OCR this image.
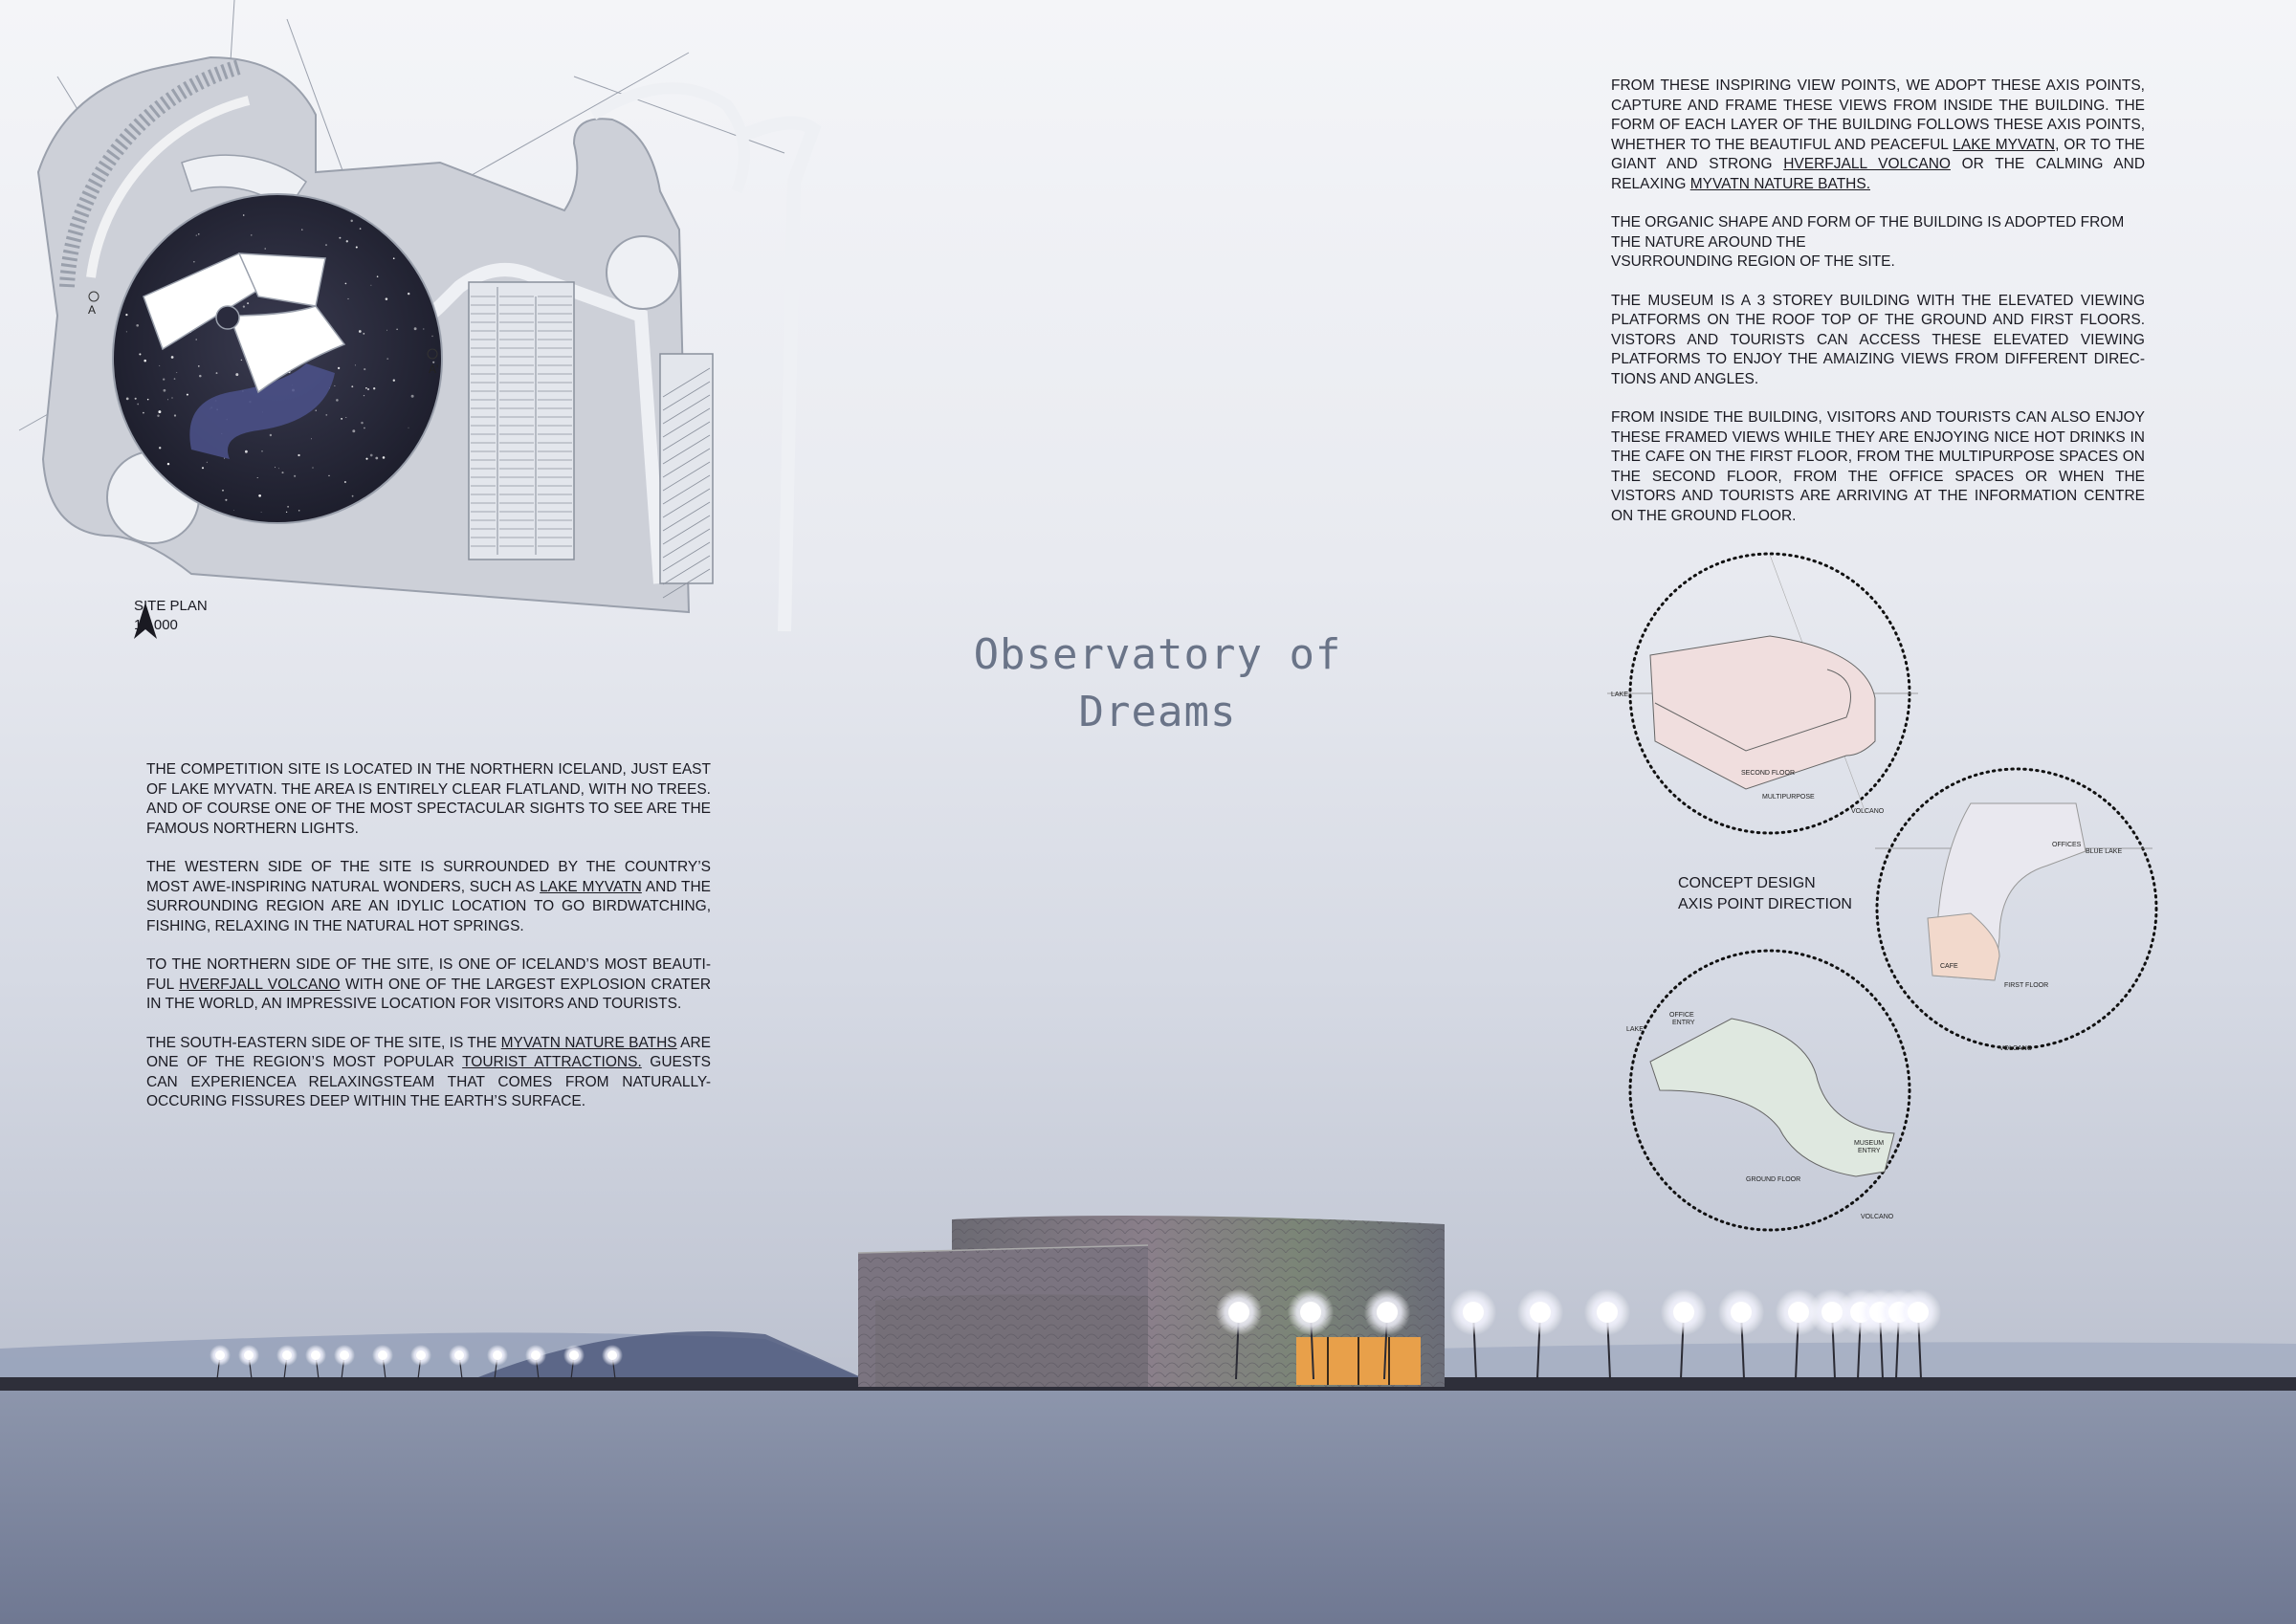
A
A'
SITE PLAN
1:1000
Observatory of
Dreams

FROM THESE INSPIRING VIEW POINTS, WE ADOPT THESE AXIS POINTS, CAPTURE AND FRAME THESE VIEWS FROM INSIDE THE BUILDING. THE FORM OF EACH LAYER OF THE BUILDING FOLLOWS THESE AXIS POINTS, WHETHER TO THE BEAUTIFUL AND PEACEFUL LAKE MYVATN, OR TO THE GIANT AND STRONG HVERFJALL VOLCANO OR THE CALMING AND RELAXING MYVATN NATURE BATHS.

THE ORGANIC SHAPE AND FORM OF THE BUILDING IS ADOPTED FROM THE NATURE AROUND THE
VSURROUNDING REGION OF THE SITE.

THE MUSEUM IS A 3 STOREY BUILDING WITH THE ELEVATED VIEWING PLATFORMS ON THE ROOF TOP OF THE GROUND AND FIRST FLOORS. VISTORS AND TOURISTS CAN ACCESS THESE ELEVATED VIEWING PLATFORMS TO ENJOY THE AMAIZING VIEWS FROM DIFFERENT DIRECTIONS AND ANGLES.

FROM INSIDE THE BUILDING, VISITORS AND TOURISTS CAN ALSO ENJOY THESE FRAMED VIEWS WHILE THEY ARE ENJOYING NICE HOT DRINKS IN THE CAFE ON THE FIRST FLOOR, FROM THE MULTIPURPOSE SPACES ON THE SECOND FLOOR, FROM THE OFFICE SPACES OR WHEN THE VISTORS AND TOURISTS ARE ARRIVING AT THE INFORMATION CENTRE ON THE GROUND FLOOR.

THE COMPETITION SITE IS LOCATED IN THE NORTHERN ICELAND, JUST EAST OF LAKE MYVATN. THE AREA IS ENTIRELY CLEAR FLATLAND, WITH NO TREES. AND OF COURSE ONE OF THE MOST SPECTACULAR SIGHTS TO SEE ARE THE FAMOUS NORTHERN LIGHTS.

THE WESTERN SIDE OF THE SITE IS SURROUNDED BY THE COUNTRY’S MOST AWE-INSPIRING NATURAL WONDERS, SUCH AS LAKE MYVATN AND THE SURROUNDING REGION ARE AN IDYLIC LOCATION TO GO BIRDWATCHING, FISHING, RELAXING IN THE NATURAL HOT SPRINGS.

TO THE NORTHERN SIDE OF THE SITE, IS ONE OF ICELAND’S MOST BEAUTIFUL HVERFJALL VOLCANO WITH ONE OF THE LARGEST EXPLOSION CRATER IN THE WORLD, AN IMPRESSIVE LOCATION FOR VISITORS AND TOURISTS.

THE SOUTH-EASTERN SIDE OF THE SITE, IS THE MYVATN NATURE BATHS ARE ONE OF THE REGION’S MOST POPULAR TOURIST ATTRACTIONS. GUESTS CAN EXPERIENCEA RELAXINGSTEAM THAT COMES FROM NATURALLY-OCCURING FISSURES DEEP WITHIN THE EARTH’S SURFACE.

LAKE
SECOND FLOOR
MULTIPURPOSE
VOLCANO
BLUE LAKE
OFFICES
CAFE
FIRST FLOOR
VOLCANO
OFFICE
ENTRY
LAKE
MUSEUM
ENTRY
GROUND FLOOR
VOLCANO
CONCEPT DESIGN
AXIS POINT DIRECTION
